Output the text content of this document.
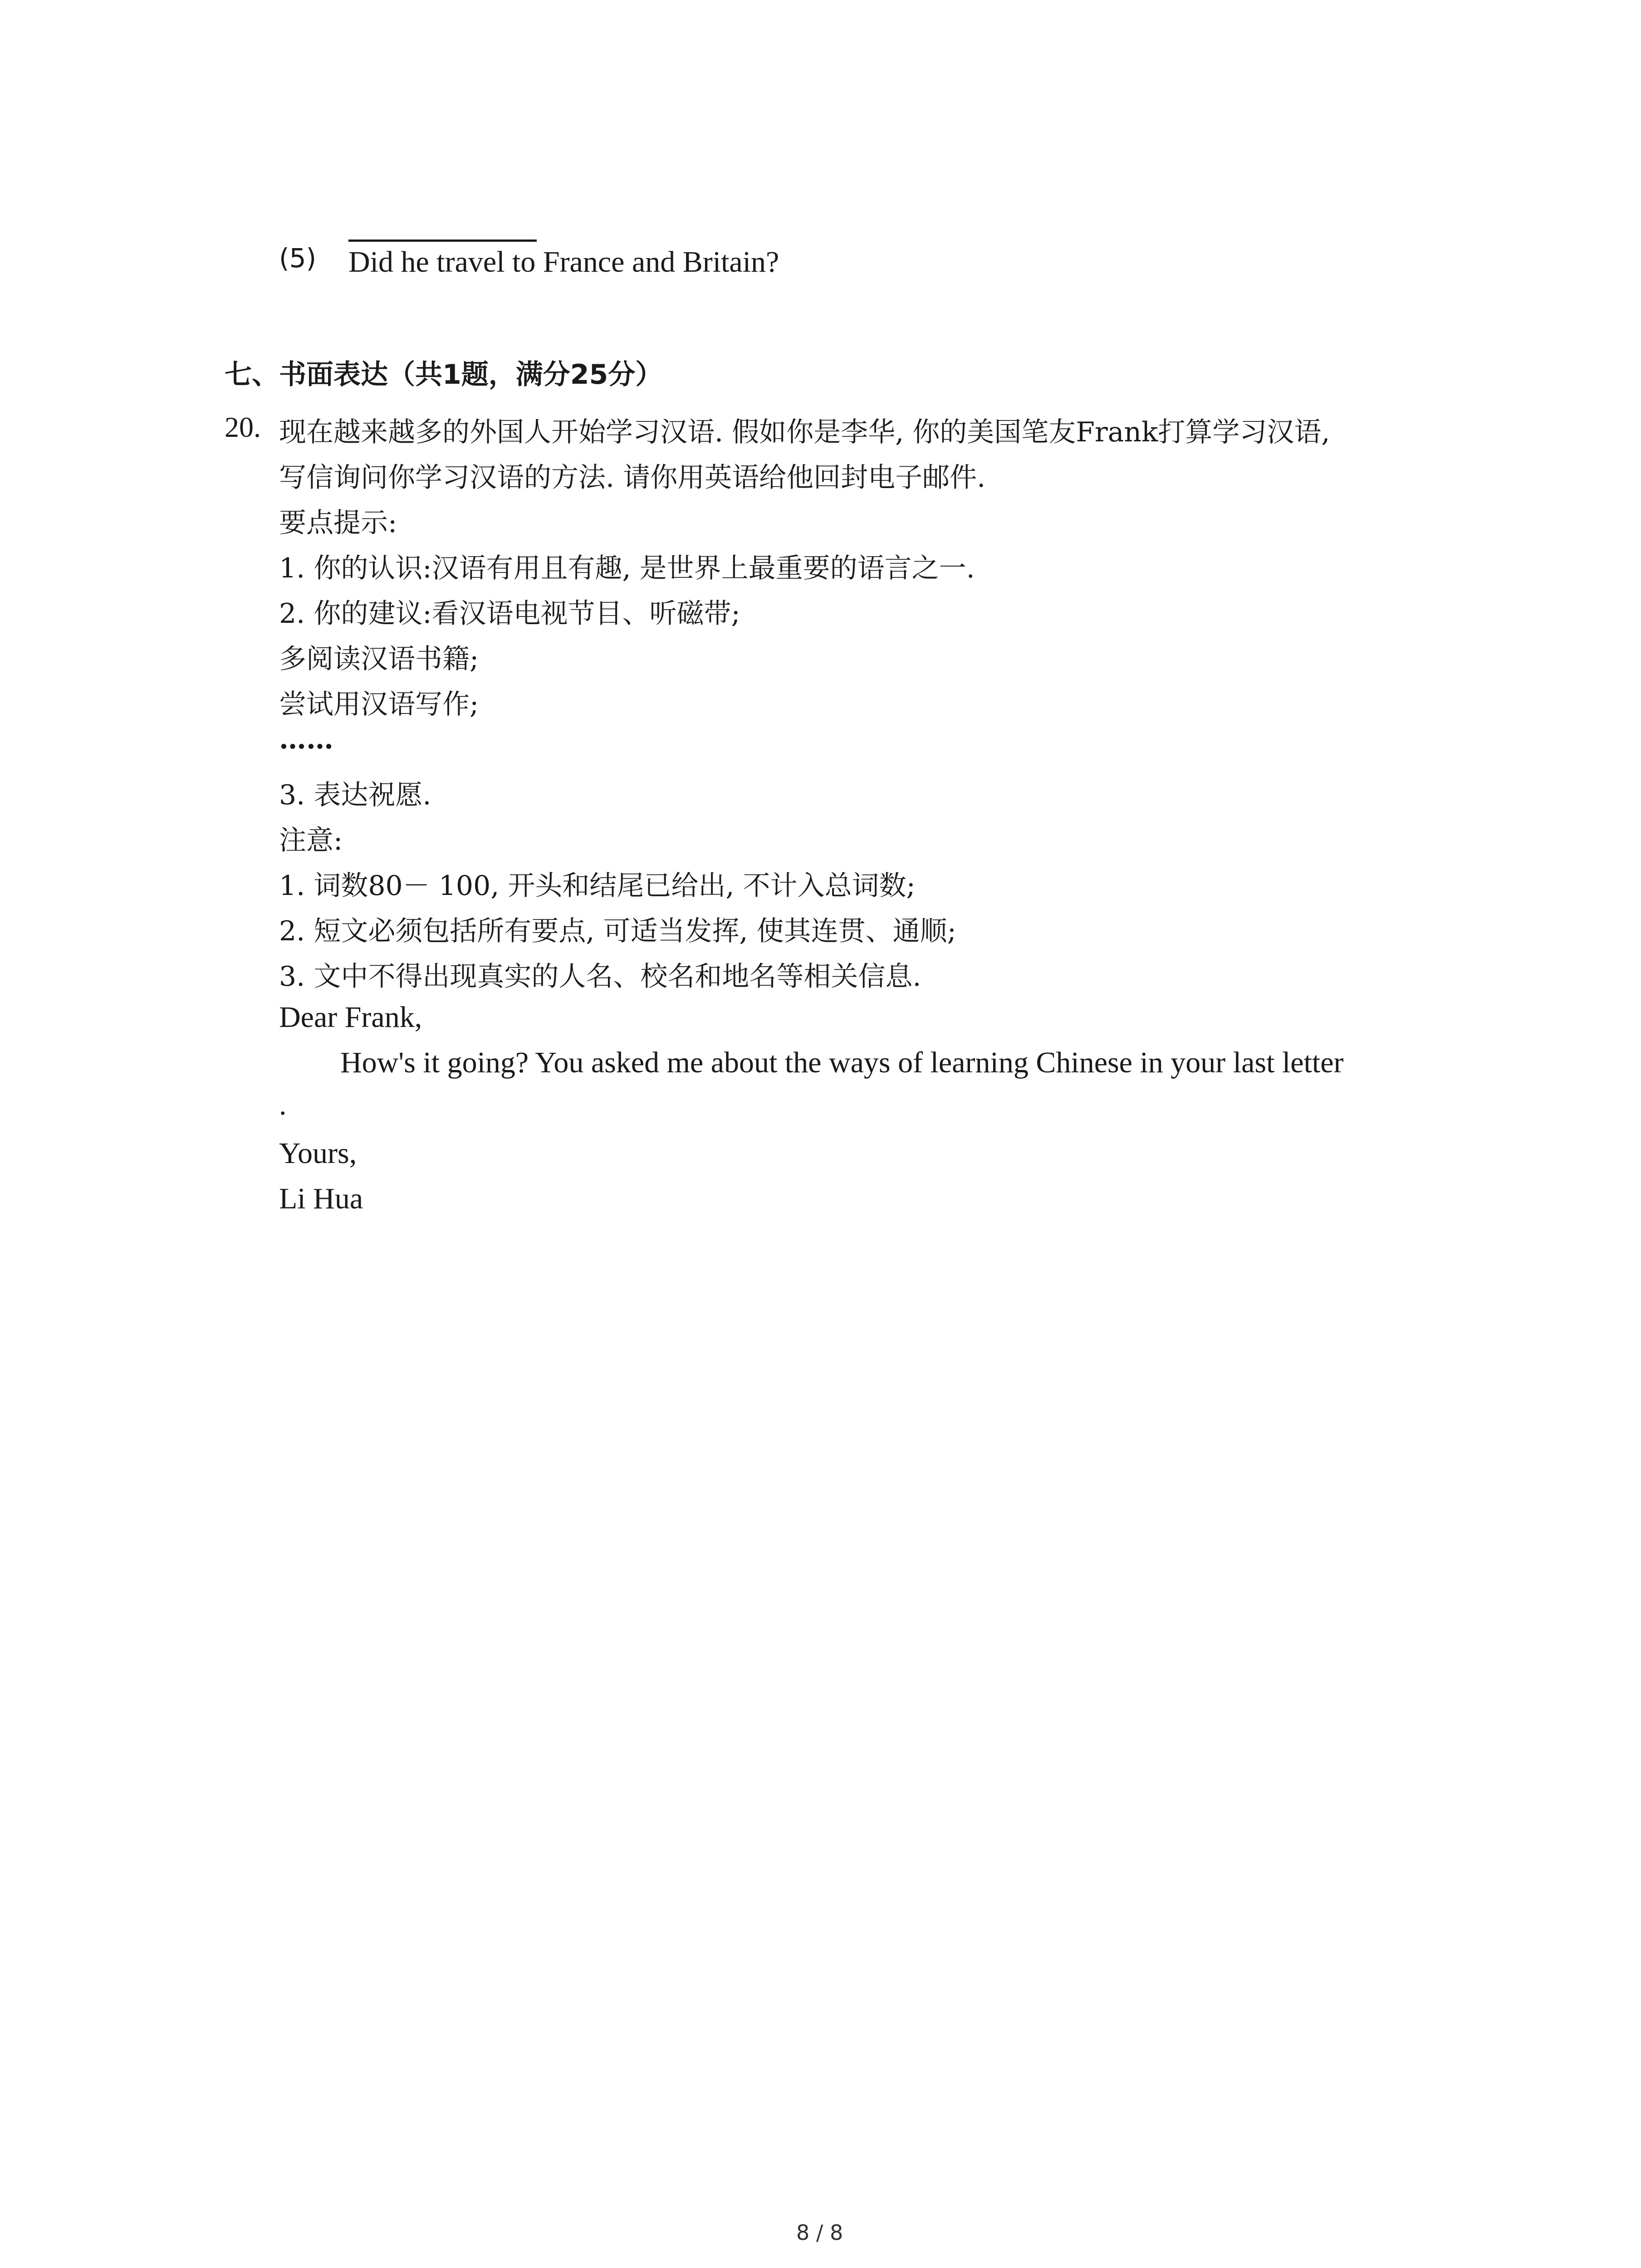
(5) Did he travel to France and Britain?
七、书面表达（共1题，满分25分）
20. 现在越来越多的外国人开始学习汉语. 假如你是李华, 你的美国笔友Frank打算学习汉语,
写信询问你学习汉语的方法. 请你用英语给他回封电子邮件.
要点提示:
1. 你的认识:汉语有用且有趣, 是世界上最重要的语言之一.
2. 你的建议:看汉语电视节目、听磁带;
多阅读汉语书籍;
尝试用汉语写作;
……
3. 表达祝愿.
注意:
1. 词数80－ 100, 开头和结尾已给出, 不计入总词数;
2. 短文必须包括所有要点, 可适当发挥, 使其连贯、通顺;
3. 文中不得出现真实的人名、校名和地名等相关信息.
Dear Frank,
How's it going? You asked me about the ways of learning Chinese in your last letter
.
Yours,
Li Hua
8 / 8
